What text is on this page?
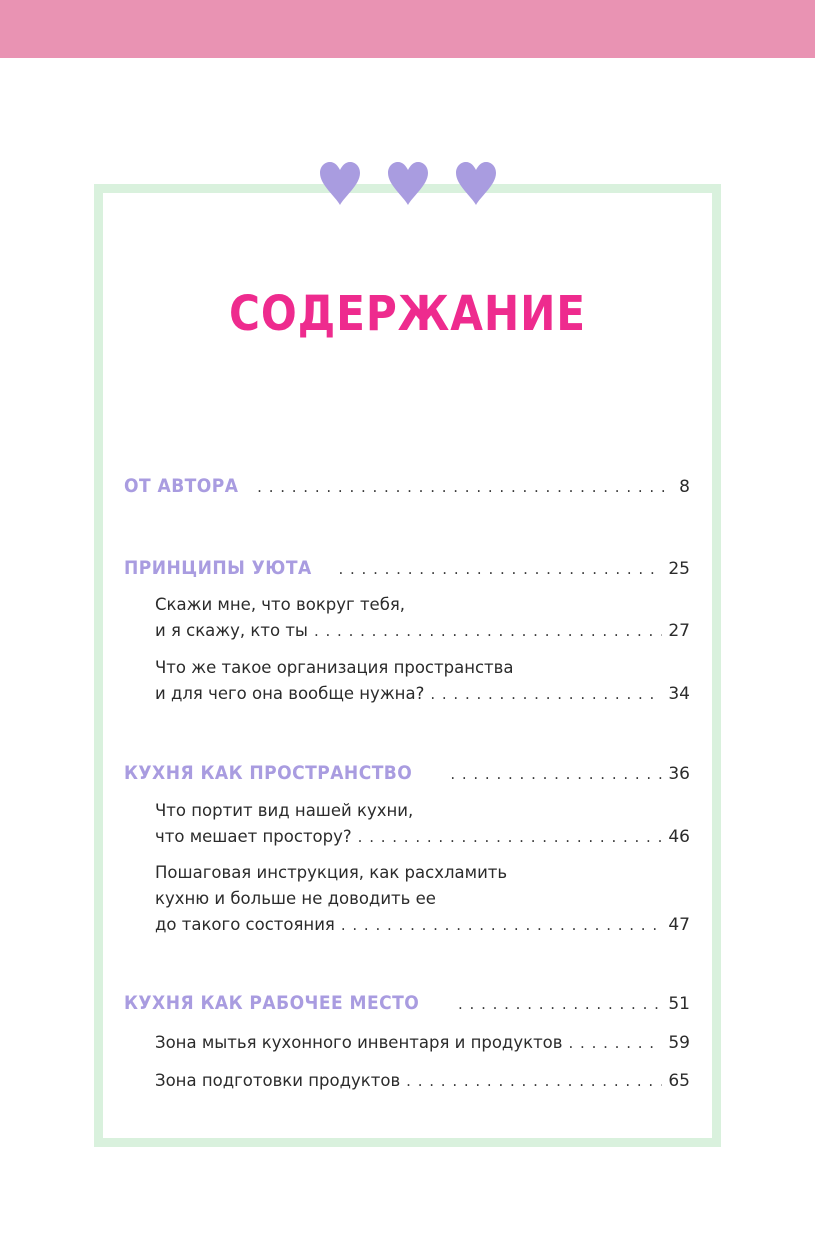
СОДЕРЖАНИЕ
ОТ АВТОРА . . .	8
ПРИНЦИПЫ УЮТА . . .	25
Скажи мне, что вокруг тебя,
и я скажу, кто ты . . .	27
Что же такое организация пространства
и для чего она вообще нужна? . . .	34
КУХНЯ КАК ПРОСТРАНСТВО . . .	36
Что портит вид нашей кухни,
что мешает простору? . . .	46
Пошаговая инструкция, как расхламить
кухню и больше не доводить ее
до такого состояния . . .	47
КУХНЯ КАК РАБОЧЕЕ МЕСТО . . .	51
Зона мытья кухонного инвентаря и продуктов . . .	59
Зона подготовки продуктов . . .	65
